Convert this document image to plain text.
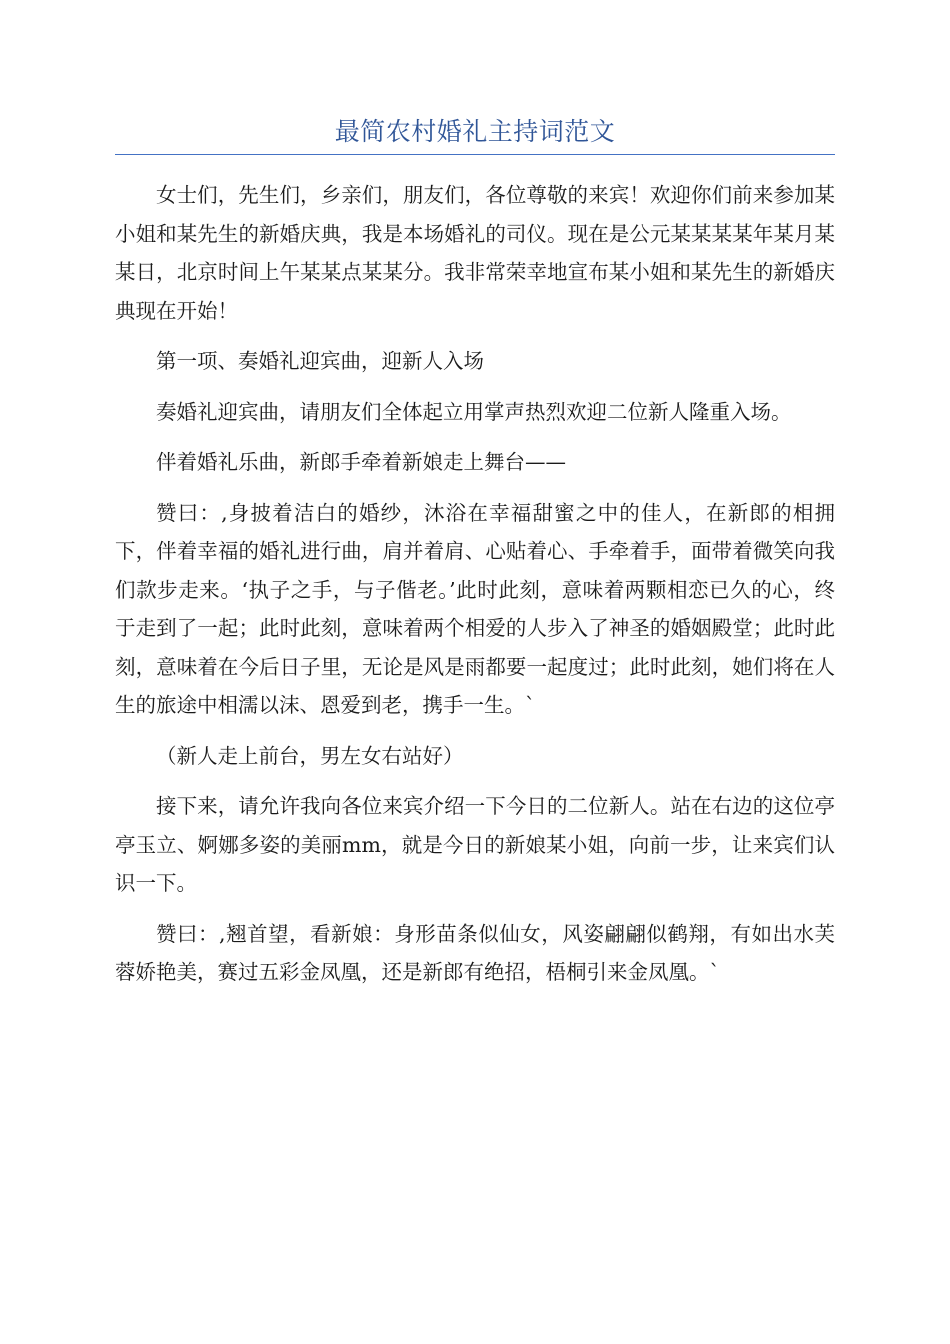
最简农村婚礼主持词范文

女士们，先生们，乡亲们，朋友们，各位尊敬的来宾！欢迎你们前来参加某小姐和某先生的新婚庆典，我是本场婚礼的司仪。现在是公元某某某某年某月某某日，北京时间上午某某点某某分。我非常荣幸地宣布某小姐和某先生的新婚庆典现在开始！

第一项、奏婚礼迎宾曲，迎新人入场

奏婚礼迎宾曲，请朋友们全体起立用掌声热烈欢迎二位新人隆重入场。

伴着婚礼乐曲，新郎手牵着新娘走上舞台——

赞曰：,身披着洁白的婚纱，沐浴在幸福甜蜜之中的佳人，在新郎的相拥下，伴着幸福的婚礼进行曲，肩并着肩、心贴着心、手牵着手，面带着微笑向我们款步走来。‘执子之手，与子偕老。’此时此刻，意味着两颗相恋已久的心，终于走到了一起；此时此刻，意味着两个相爱的人步入了神圣的婚姻殿堂；此时此刻，意味着在今后日子里，无论是风是雨都要一起度过；此时此刻，她们将在人生的旅途中相濡以沫、恩爱到老，携手一生。`

（新人走上前台，男左女右站好）

接下来，请允许我向各位来宾介绍一下今日的二位新人。站在右边的这位亭亭玉立、婀娜多姿的美丽mm，就是今日的新娘某小姐，向前一步，让来宾们认识一下。

赞曰：,翘首望，看新娘：身形苗条似仙女，风姿翩翩似鹤翔，有如出水芙蓉娇艳美，赛过五彩金凤凰，还是新郎有绝招，梧桐引来金凤凰。`
